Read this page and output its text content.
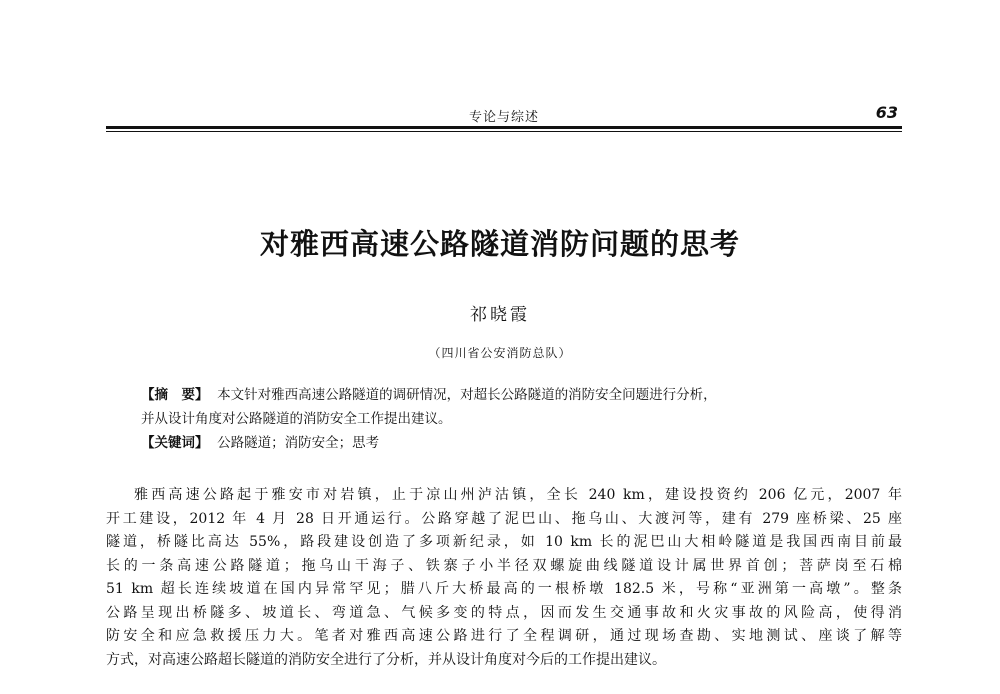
专论与综述	63
对雅西高速公路隧道消防问题的思考
祁晓霞
（四川省公安消防总队）
【摘　要】 本文针对雅西高速公路隧道的调研情况，对超长公路隧道的消防安全问题进行分析，
并从设计角度对公路隧道的消防安全工作提出建议。
【关键词】 公路隧道；消防安全；思考
雅西高速公路起于雅安市对岩镇，止于凉山州泸沽镇，全长 240 km，建设投资约 206 亿元，2007 年
开工建设，2012 年 4 月 28 日开通运行。公路穿越了泥巴山、拖乌山、大渡河等，建有 279 座桥梁、25 座
隧道，桥隧比高达 55%，路段建设创造了多项新纪录，如 10 km 长的泥巴山大相岭隧道是我国西南目前最
长的一条高速公路隧道；拖乌山干海子、铁寨子小半径双螺旋曲线隧道设计属世界首创；菩萨岗至石棉
51 km 超长连续坡道在国内异常罕见；腊八斤大桥最高的一根桥墩 182.5 米，号称“亚洲第一高墩”。整条
公路呈现出桥隧多、坡道长、弯道急、气候多变的特点，因而发生交通事故和火灾事故的风险高，使得消
防安全和应急救援压力大。笔者对雅西高速公路进行了全程调研，通过现场查勘、实地测试、座谈了解等
方式，对高速公路超长隧道的消防安全进行了分析，并从设计角度对今后的工作提出建议。
